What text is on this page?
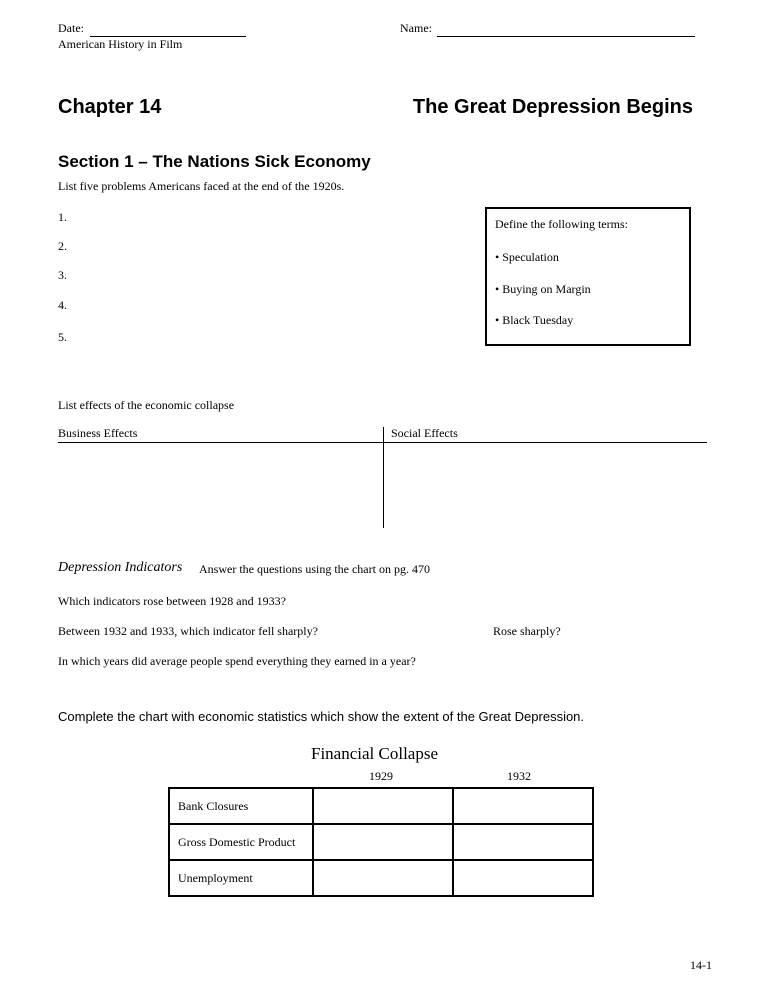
Date:	Name:
American History in Film
Chapter 14	The Great Depression Begins
Section 1 – The Nations Sick Economy
List five problems Americans faced at the end of the 1920s.
1.
2.
3.
4.
5.
Define the following terms:
• Speculation
• Buying on Margin
• Black Tuesday
List effects of the economic collapse
Business Effects	Social Effects
Depression Indicators Answer the questions using the chart on pg. 470
Which indicators rose between 1928 and 1933?
Between 1932 and 1933, which indicator fell sharply?	Rose sharply?
In which years did average people spend everything they earned in a year?
Complete the chart with economic statistics which show the extent of the Great Depression.
Financial Collapse
1929	1932
Bank Closures		
Gross Domestic Product		
Unemployment		
14-1
